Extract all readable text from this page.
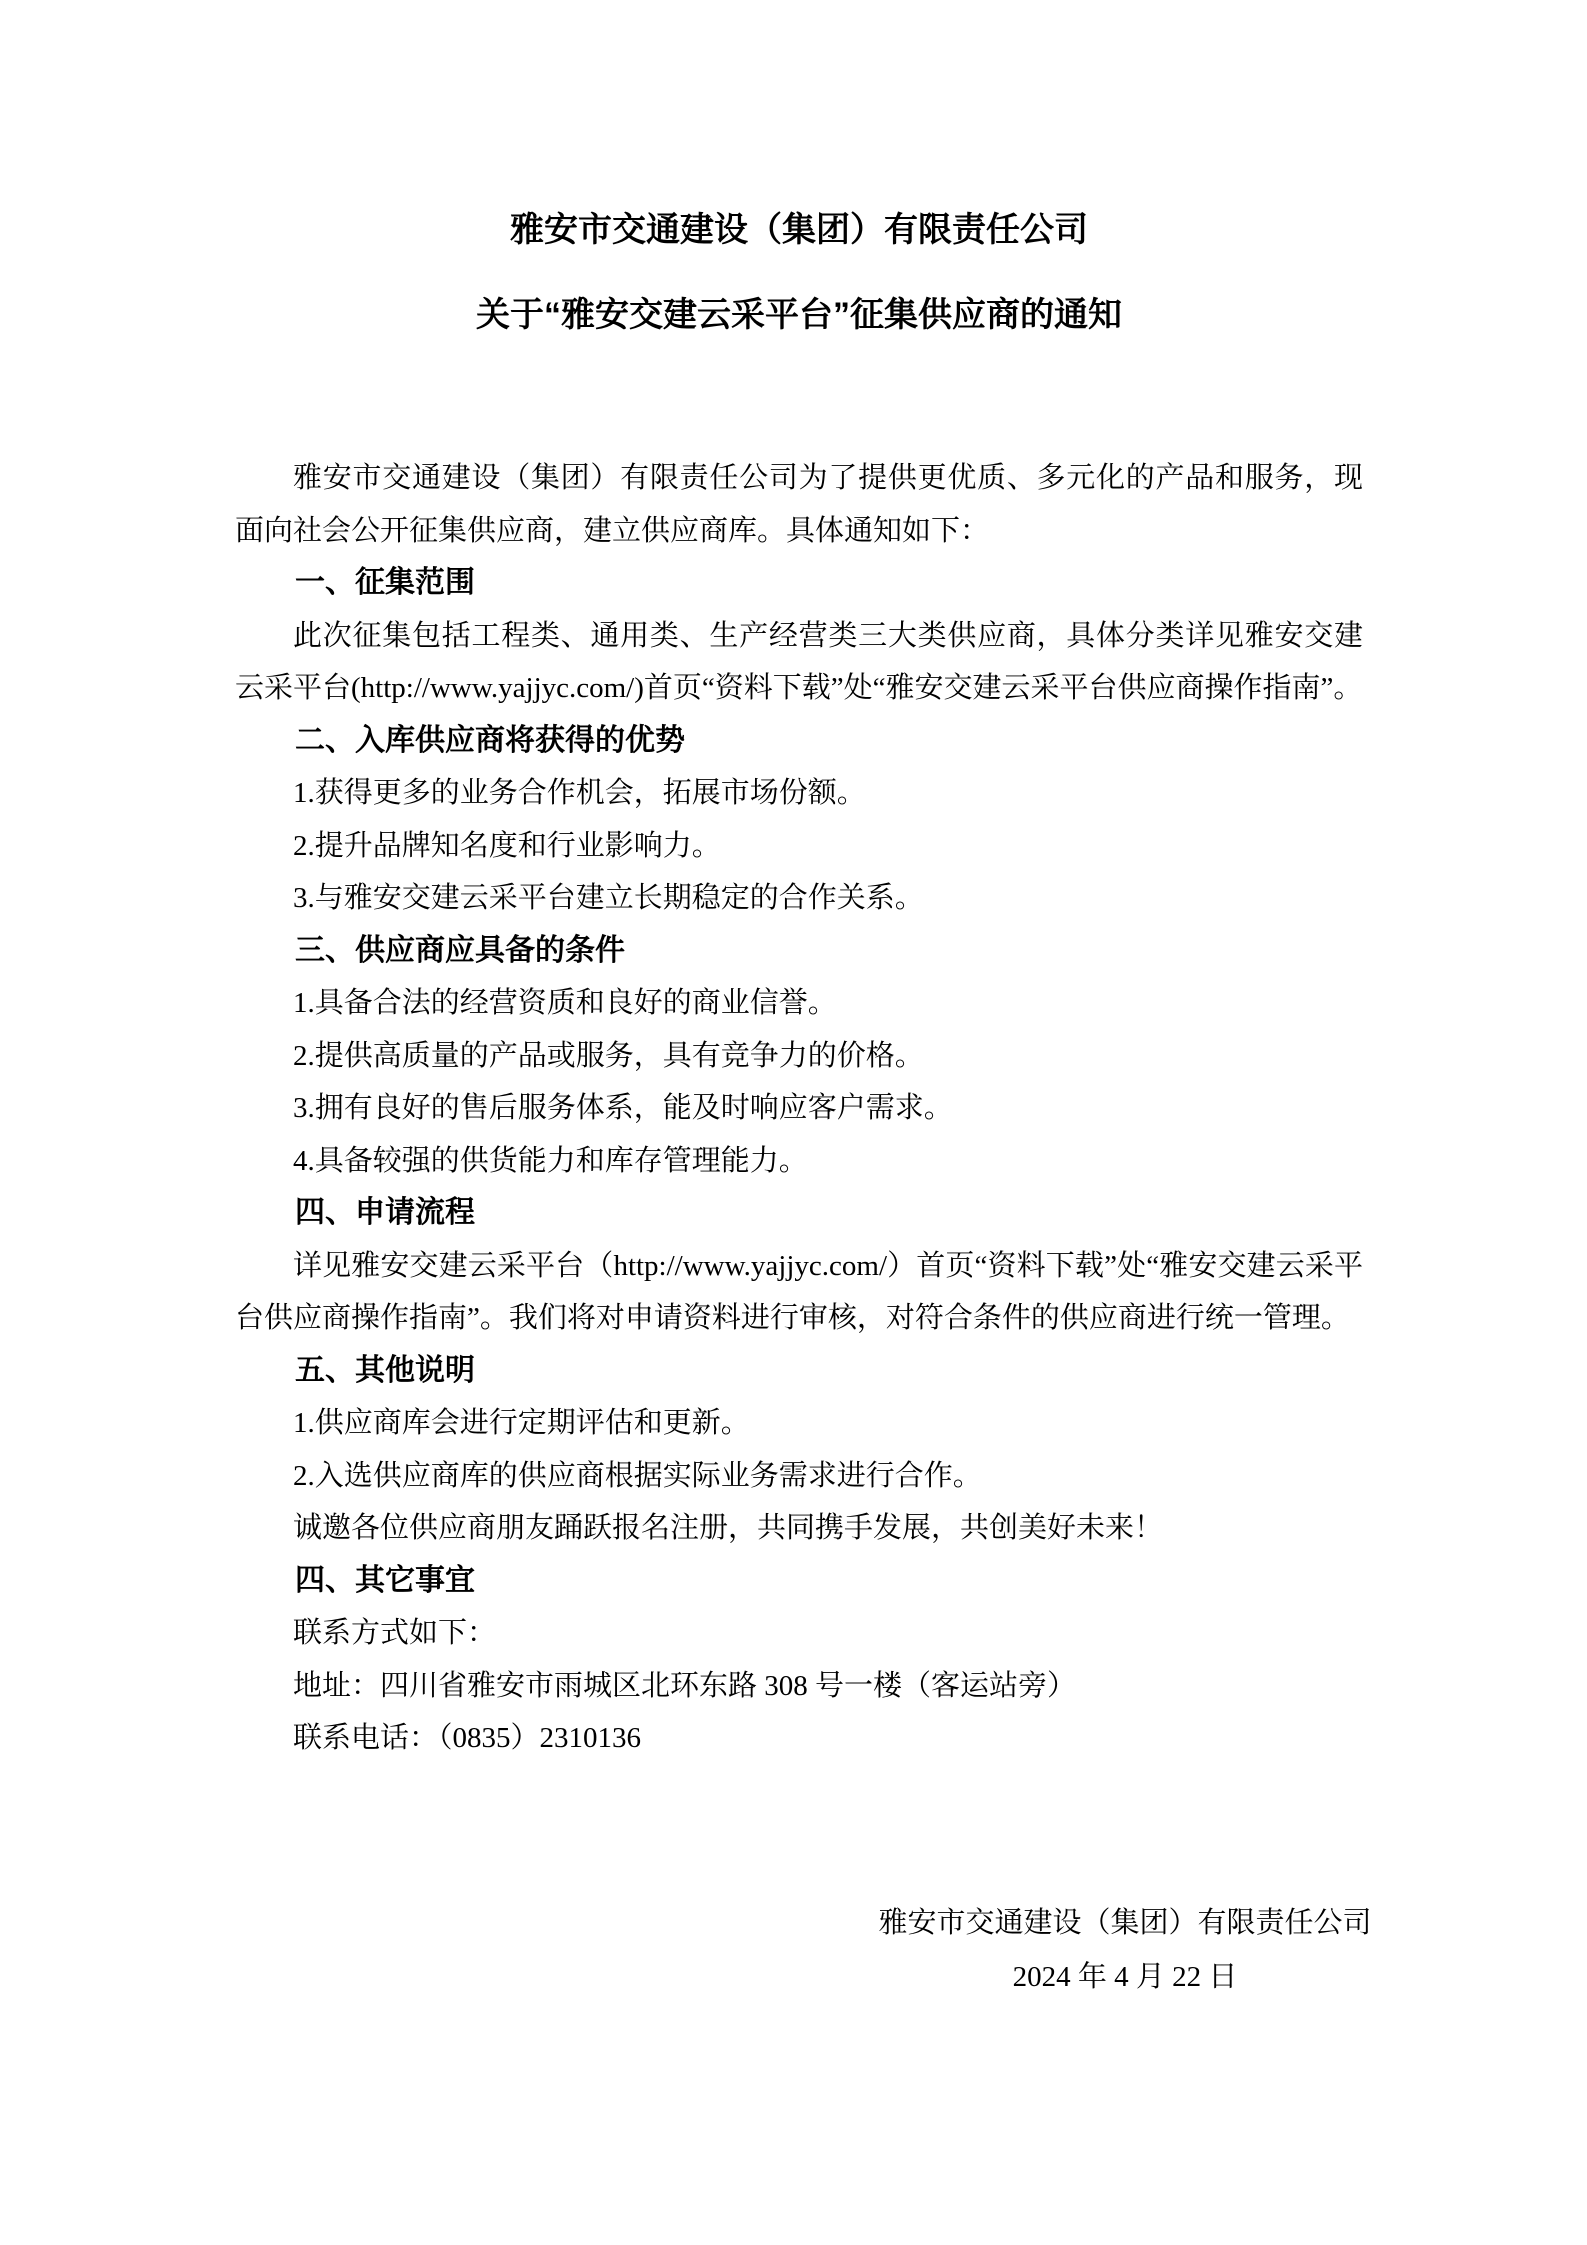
雅安市交通建设（集团）有限责任公司
关于“雅安交建云采平台”征集供应商的通知

雅安市交通建设（集团）有限责任公司为了提供更优质、多元化的产品和服务，现面向社会公开征集供应商，建立供应商库。具体通知如下：

一、征集范围

此次征集包括工程类、通用类、生产经营类三大类供应商，具体分类详见雅安交建云采平台(http://www.yajjyc.com/)首页“资料下载”处“雅安交建云采平台供应商操作指南”。

二、入库供应商将获得的优势

1.获得更多的业务合作机会，拓展市场份额。

2.提升品牌知名度和行业影响力。

3.与雅安交建云采平台建立长期稳定的合作关系。

三、供应商应具备的条件

1.具备合法的经营资质和良好的商业信誉。

2.提供高质量的产品或服务，具有竞争力的价格。

3.拥有良好的售后服务体系，能及时响应客户需求。

4.具备较强的供货能力和库存管理能力。

四、申请流程

详见雅安交建云采平台（http://www.yajjyc.com/）首页“资料下载”处“雅安交建云采平台供应商操作指南”。我们将对申请资料进行审核，对符合条件的供应商进行统一管理。

五、其他说明

1.供应商库会进行定期评估和更新。

2.入选供应商库的供应商根据实际业务需求进行合作。

诚邀各位供应商朋友踊跃报名注册，共同携手发展，共创美好未来！

四、其它事宜

联系方式如下：

地址：四川省雅安市雨城区北环东路 308 号一楼（客运站旁）

联系电话：（0835）2310136

雅安市交通建设（集团）有限责任公司

2024 年 4 月 22 日
